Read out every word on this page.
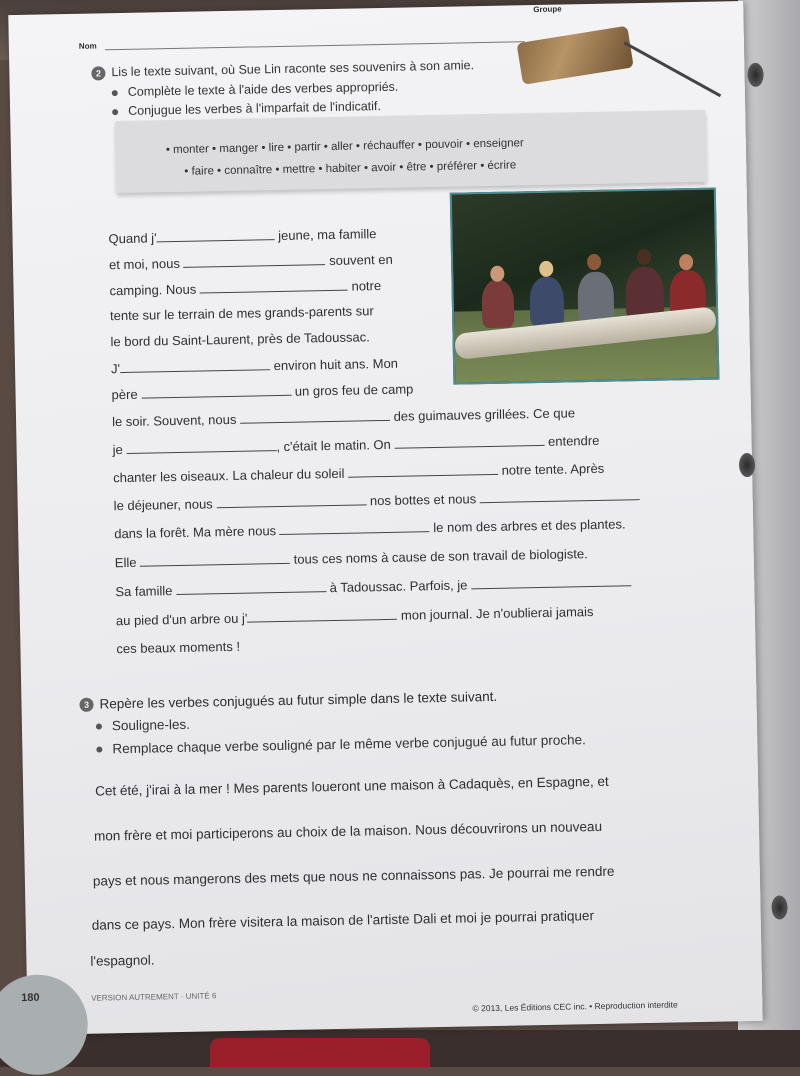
Nom
Groupe
2 Lis le texte suivant, où Sue Lin raconte ses souvenirs à son amie.
Complète le texte à l'aide des verbes appropriés.
Conjugue les verbes à l'imparfait de l'indicatif.
• monter • manger • lire • partir • aller • réchauffer • pouvoir • enseigner
• faire • connaître • mettre • habiter • avoir • être • préférer • écrire
Quand j'	jeune, ma famille
et moi, nous	souvent en
camping. Nous	notre
tente sur le terrain de mes grands-parents sur
le bord du Saint-Laurent, près de Tadoussac.
J'	environ huit ans. Mon
père	un gros feu de camp
le soir. Souvent, nous	des guimauves grillées. Ce que
je	, c'était le matin. On	entendre
chanter les oiseaux. La chaleur du soleil	notre tente. Après
le déjeuner, nous	nos bottes et nous
dans la forêt. Ma mère nous	le nom des arbres et des plantes.
Elle	tous ces noms à cause de son travail de biologiste.
Sa famille	à Tadoussac. Parfois, je
au pied d'un arbre ou j'	mon journal. Je n'oublierai jamais
ces beaux moments !
3 Repère les verbes conjugués au futur simple dans le texte suivant.
Souligne-les.
Remplace chaque verbe souligné par le même verbe conjugué au futur proche.
Cet été, j'irai à la mer ! Mes parents loueront une maison à Cadaquès, en Espagne, et
mon frère et moi participerons au choix de la maison. Nous découvrirons un nouveau
pays et nous mangerons des mets que nous ne connaissons pas. Je pourrai me rendre
dans ce pays. Mon frère visitera la maison de l'artiste Dali et moi je pourrai pratiquer
l'espagnol.
180	VERSION AUTREMENT · UNITÉ 6
© 2013, Les Éditions CEC inc. • Reproduction interdite
